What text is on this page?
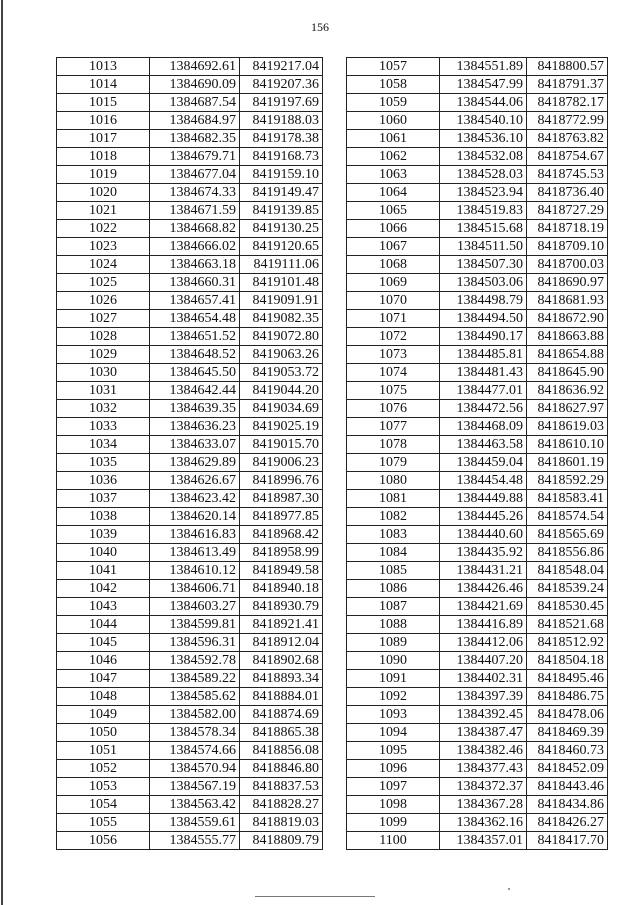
156
1013	1384692.61	8419217.04
1014	1384690.09	8419207.36
1015	1384687.54	8419197.69
1016	1384684.97	8419188.03
1017	1384682.35	8419178.38
1018	1384679.71	8419168.73
1019	1384677.04	8419159.10
1020	1384674.33	8419149.47
1021	1384671.59	8419139.85
1022	1384668.82	8419130.25
1023	1384666.02	8419120.65
1024	1384663.18	8419111.06
1025	1384660.31	8419101.48
1026	1384657.41	8419091.91
1027	1384654.48	8419082.35
1028	1384651.52	8419072.80
1029	1384648.52	8419063.26
1030	1384645.50	8419053.72
1031	1384642.44	8419044.20
1032	1384639.35	8419034.69
1033	1384636.23	8419025.19
1034	1384633.07	8419015.70
1035	1384629.89	8419006.23
1036	1384626.67	8418996.76
1037	1384623.42	8418987.30
1038	1384620.14	8418977.85
1039	1384616.83	8418968.42
1040	1384613.49	8418958.99
1041	1384610.12	8418949.58
1042	1384606.71	8418940.18
1043	1384603.27	8418930.79
1044	1384599.81	8418921.41
1045	1384596.31	8418912.04
1046	1384592.78	8418902.68
1047	1384589.22	8418893.34
1048	1384585.62	8418884.01
1049	1384582.00	8418874.69
1050	1384578.34	8418865.38
1051	1384574.66	8418856.08
1052	1384570.94	8418846.80
1053	1384567.19	8418837.53
1054	1384563.42	8418828.27
1055	1384559.61	8418819.03
1056	1384555.77	8418809.79
1057	1384551.89	8418800.57
1058	1384547.99	8418791.37
1059	1384544.06	8418782.17
1060	1384540.10	8418772.99
1061	1384536.10	8418763.82
1062	1384532.08	8418754.67
1063	1384528.03	8418745.53
1064	1384523.94	8418736.40
1065	1384519.83	8418727.29
1066	1384515.68	8418718.19
1067	1384511.50	8418709.10
1068	1384507.30	8418700.03
1069	1384503.06	8418690.97
1070	1384498.79	8418681.93
1071	1384494.50	8418672.90
1072	1384490.17	8418663.88
1073	1384485.81	8418654.88
1074	1384481.43	8418645.90
1075	1384477.01	8418636.92
1076	1384472.56	8418627.97
1077	1384468.09	8418619.03
1078	1384463.58	8418610.10
1079	1384459.04	8418601.19
1080	1384454.48	8418592.29
1081	1384449.88	8418583.41
1082	1384445.26	8418574.54
1083	1384440.60	8418565.69
1084	1384435.92	8418556.86
1085	1384431.21	8418548.04
1086	1384426.46	8418539.24
1087	1384421.69	8418530.45
1088	1384416.89	8418521.68
1089	1384412.06	8418512.92
1090	1384407.20	8418504.18
1091	1384402.31	8418495.46
1092	1384397.39	8418486.75
1093	1384392.45	8418478.06
1094	1384387.47	8418469.39
1095	1384382.46	8418460.73
1096	1384377.43	8418452.09
1097	1384372.37	8418443.46
1098	1384367.28	8418434.86
1099	1384362.16	8418426.27
1100	1384357.01	8418417.70
